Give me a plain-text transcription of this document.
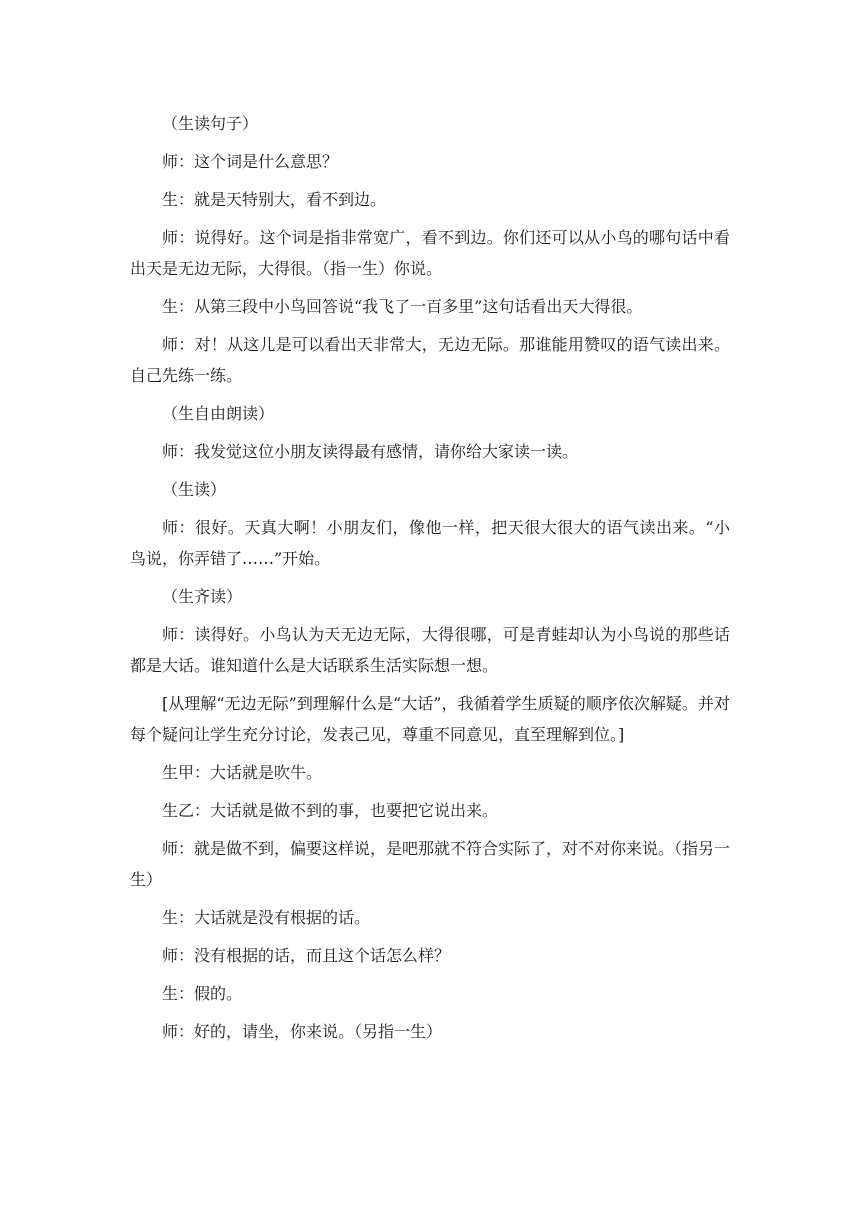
（生读句子）

师：这个词是什么意思？

生：就是天特别大，看不到边。

师：说得好。这个词是指非常宽广，看不到边。你们还可以从小鸟的哪句话中看出天是无边无际，大得很。（指一生）你说。

生：从第三段中小鸟回答说“我飞了一百多里”这句话看出天大得很。

师：对！从这儿是可以看出天非常大，无边无际。那谁能用赞叹的语气读出来。自己先练一练。

（生自由朗读）

师：我发觉这位小朋友读得最有感情，请你给大家读一读。

（生读）

师：很好。天真大啊！小朋友们，像他一样，把天很大很大的语气读出来。“小鸟说，你弄错了……”开始。

（生齐读）

师：读得好。小鸟认为天无边无际，大得很哪，可是青蛙却认为小鸟说的那些话都是大话。谁知道什么是大话联系生活实际想一想。

[从理解“无边无际”到理解什么是“大话”，我循着学生质疑的顺序依次解疑。并对每个疑问让学生充分讨论，发表己见，尊重不同意见，直至理解到位。]

生甲：大话就是吹牛。

生乙：大话就是做不到的事，也要把它说出来。

师：就是做不到，偏要这样说，是吧那就不符合实际了，对不对你来说。（指另一生）

生：大话就是没有根据的话。

师：没有根据的话，而且这个话怎么样？

生：假的。

师：好的，请坐，你来说。（另指一生）
